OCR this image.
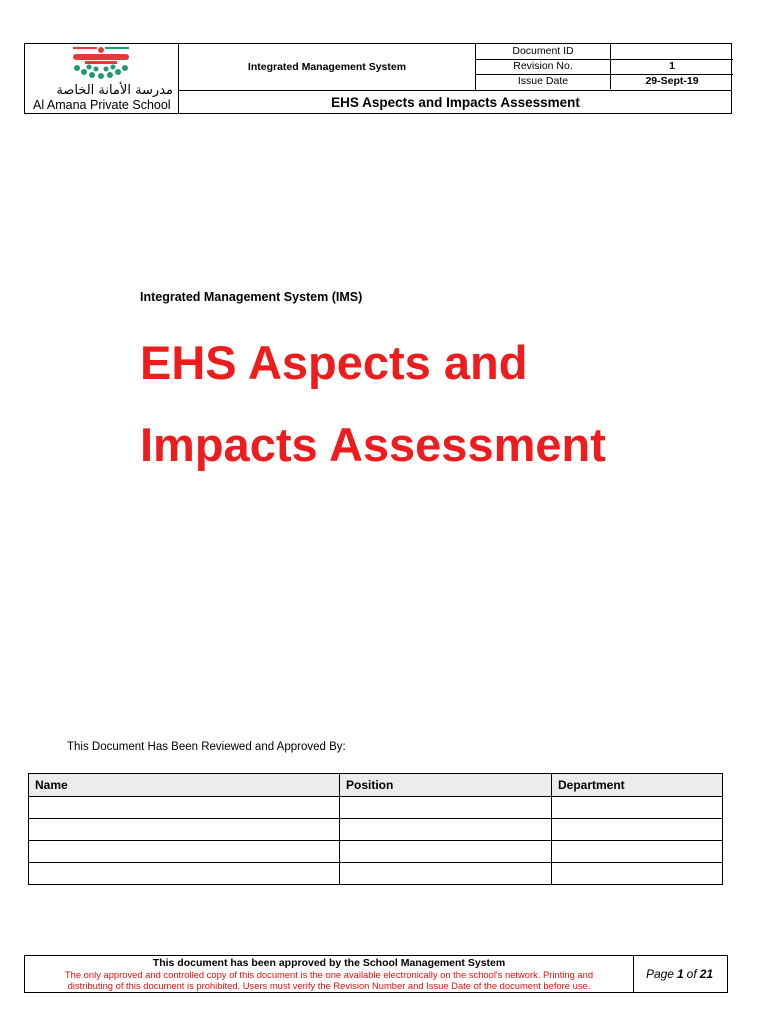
مدرسة الأمانة الخاصة
Al Amana Private School
Integrated Management System
Document ID
Revision No.	1
Issue Date	29-Sept-19
EHS Aspects and Impacts Assessment
Integrated Management System (IMS)
EHS Aspects and
Impacts Assessment
This Document Has Been Reviewed and Approved By:
Name	Position	Department

This document has been approved by the School Management System
The only approved and controlled copy of this document is the one available electronically on the school's network. Printing and
distributing of this document is prohibited. Users must verify the Revision Number and Issue Date of the document before use.
Page 1 of 21
